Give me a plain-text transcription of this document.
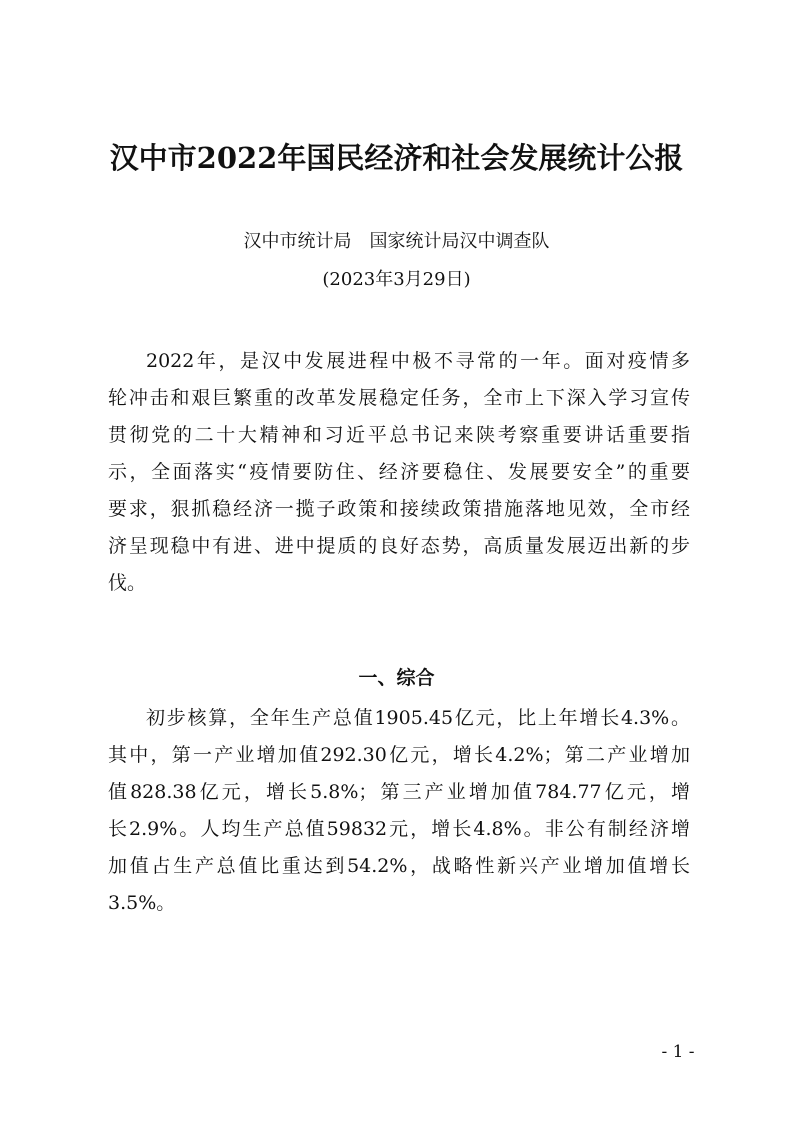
汉中市2022年国民经济和社会发展统计公报
汉中市统计局　国家统计局汉中调查队
(2023年3月29日)
2022年，是汉中发展进程中极不寻常的一年。面对疫情多
轮冲击和艰巨繁重的改革发展稳定任务，全市上下深入学习宣传
贯彻党的二十大精神和习近平总书记来陕考察重要讲话重要指
示，全面落实“疫情要防住、经济要稳住、发展要安全”的重要
要求，狠抓稳经济一揽子政策和接续政策措施落地见效，全市经
济呈现稳中有进、进中提质的良好态势，高质量发展迈出新的步
伐。
一、综合
初步核算，全年生产总值1905.45亿元，比上年增长4.3%。
其中，第一产业增加值292.30亿元，增长4.2%；第二产业增加
值828.38亿元，增长5.8%；第三产业增加值784.77亿元，增
长2.9%。人均生产总值59832元，增长4.8%。非公有制经济增
加值占生产总值比重达到54.2%，战略性新兴产业增加值增长
3.5%。
- 1 -
